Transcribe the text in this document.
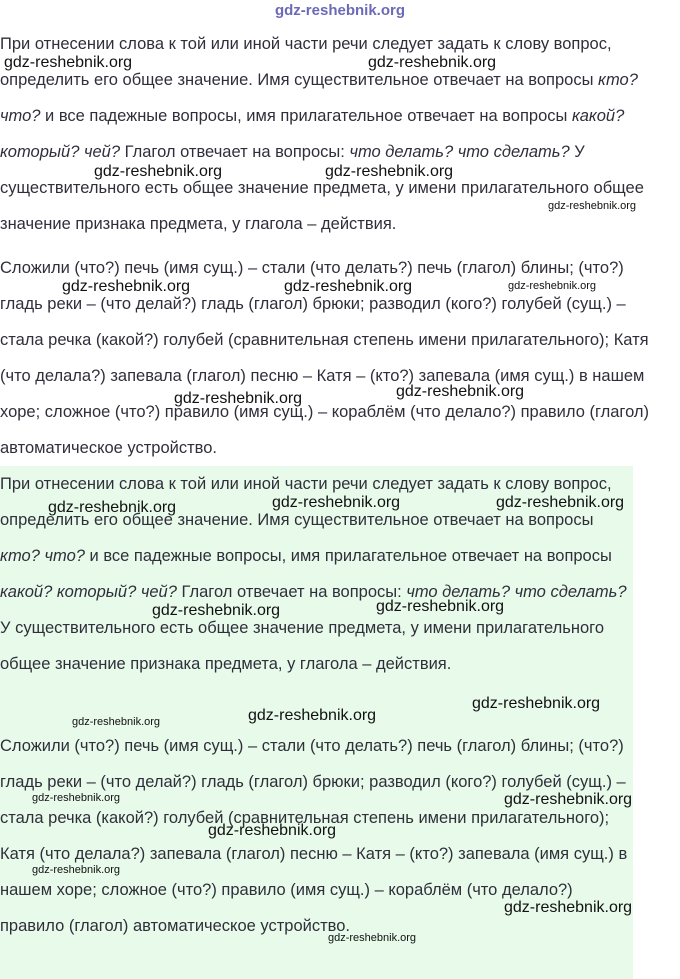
gdz-reshebnik.org
При отнесении слова к той или иной части речи следует задать к слову вопрос, определить его общее значение. Имя существительное отвечает на вопросы кто? что? и все падежные вопросы, имя прилагательное отвечает на вопросы какой? который? чей? Глагол отвечает на вопросы: что делать? что сделать? У существительного есть общее значение предмета, у имени прилагательного общее значение признака предмета, у глагола – действия.
Сложили (что?) печь (имя сущ.) – стали (что делать?) печь (глагол) блины; (что?) гладь реки – (что делай?) гладь (глагол) брюки; разводил (кого?) голубей (сущ.) – стала речка (какой?) голубей (сравнительная степень имени прилагательного); Катя (что делала?) запевала (глагол) песню – Катя – (кто?) запевала (имя сущ.) в нашем хоре; сложное (что?) правило (имя сущ.) – кораблём (что делало?) правило (глагол) автоматическое устройство.
При отнесении слова к той или иной части речи следует задать к слову вопрос, определить его общее значение. Имя существительное отвечает на вопросы кто? что? и все падежные вопросы, имя прилагательное отвечает на вопросы какой? который? чей? Глагол отвечает на вопросы: что делать? что сделать? У существительного есть общее значение предмета, у имени прилагательного общее значение признака предмета, у глагола – действия.
Сложили (что?) печь (имя сущ.) – стали (что делать?) печь (глагол) блины; (что?) гладь реки – (что делай?) гладь (глагол) брюки; разводил (кого?) голубей (сущ.) – стала речка (какой?) голубей (сравнительная степень имени прилагательного); Катя (что делала?) запевала (глагол) песню – Катя – (кто?) запевала (имя сущ.) в нашем хоре; сложное (что?) правило (имя сущ.) – кораблём (что делало?) правило (глагол) автоматическое устройство.
gdz-reshebnik.org	gdz-reshebnik.org
gdz-reshebnik.org	gdz-reshebnik.org
gdz-reshebnik.org
gdz-reshebnik.org	gdz-reshebnik.org	gdz-reshebnik.org
gdz-reshebnik.org
gdz-reshebnik.org
gdz-reshebnik.org	gdz-reshebnik.org	gdz-reshebnik.org
gdz-reshebnik.org	gdz-reshebnik.org
gdz-reshebnik.org
gdz-reshebnik.org
gdz-reshebnik.org
gdz-reshebnik.org	gdz-reshebnik.org
gdz-reshebnik.org
gdz-reshebnik.org
gdz-reshebnik.org
gdz-reshebnik.org
